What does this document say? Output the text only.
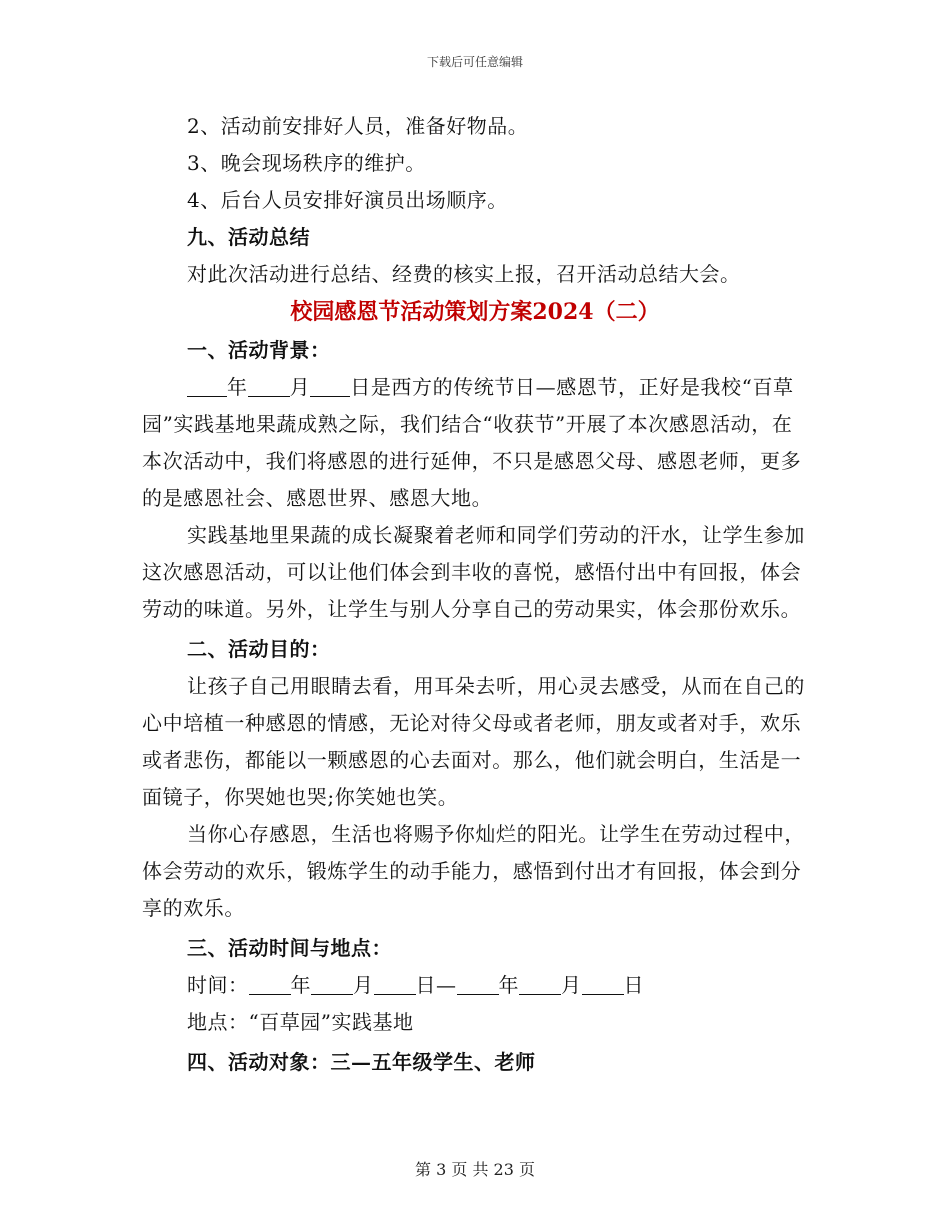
下载后可任意编辑
2、活动前安排好人员，准备好物品。
3、晚会现场秩序的维护。
4、后台人员安排好演员出场顺序。
九、活动总结
对此次活动进行总结、经费的核实上报，召开活动总结大会。
校园感恩节活动策划方案2024（二）
一、活动背景：
年 月 日是西方的传统节日—感恩节，正好是我校“百草园”实践基地果蔬成熟之际，我们结合“收获节”开展了本次感恩活动，在本次活动中，我们将感恩的进行延伸，不只是感恩父母、感恩老师，更多的是感恩社会、感恩世界、感恩大地。
实践基地里果蔬的成长凝聚着老师和同学们劳动的汗水，让学生参加这次感恩活动，可以让他们体会到丰收的喜悦，感悟付出中有回报，体会劳动的味道。另外，让学生与别人分享自己的劳动果实，体会那份欢乐。
二、活动目的：
让孩子自己用眼睛去看，用耳朵去听，用心灵去感受，从而在自己的心中培植一种感恩的情感，无论对待父母或者老师，朋友或者对手，欢乐或者悲伤，都能以一颗感恩的心去面对。那么，他们就会明白，生活是一面镜子，你哭她也哭;你笑她也笑。
当你心存感恩，生活也将赐予你灿烂的阳光。让学生在劳动过程中，体会劳动的欢乐，锻炼学生的动手能力，感悟到付出才有回报，体会到分享的欢乐。
三、活动时间与地点：
时间： 年 月 日— 年 月 日
地点：“百草园”实践基地
四、活动对象：三—五年级学生、老师
第 3 页 共 23 页
